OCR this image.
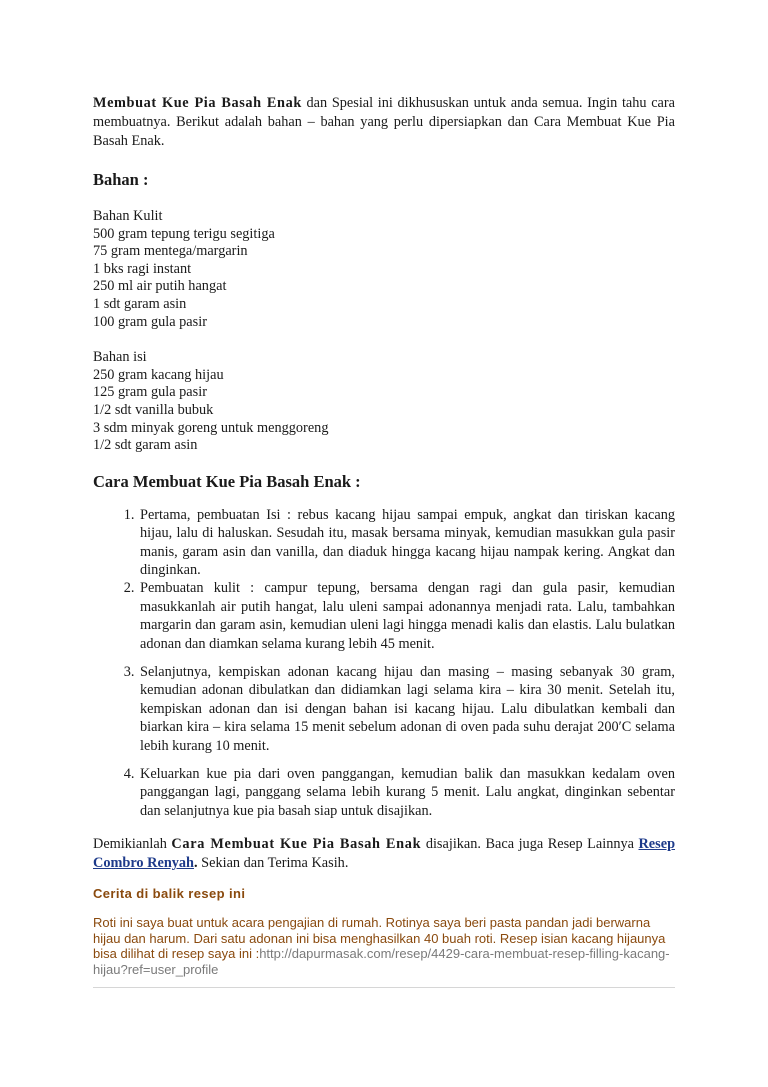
Membuat Kue Pia Basah Enak dan Spesial ini dikhususkan untuk anda semua. Ingin tahu cara membuatnya. Berikut adalah bahan – bahan yang perlu dipersiapkan dan Cara Membuat Kue Pia Basah Enak.

Bahan :
Bahan Kulit
500 gram tepung terigu segitiga
75 gram mentega/margarin
1 bks ragi instant
250 ml air putih hangat
1 sdt garam asin
100 gram gula pasir
Bahan isi
250 gram kacang hijau
125 gram gula pasir
1/2 sdt vanilla bubuk
3 sdm minyak goreng untuk menggoreng
1/2 sdt garam asin
Cara Membuat Kue Pia Basah Enak :
1. Pertama, pembuatan Isi : rebus kacang hijau sampai empuk, angkat dan tiriskan kacang hijau, lalu di haluskan. Sesudah itu, masak bersama minyak, kemudian masukkan gula pasir manis, garam asin dan vanilla, dan diaduk hingga kacang hijau nampak kering. Angkat dan dinginkan.
2. Pembuatan kulit : campur tepung, bersama dengan ragi dan gula pasir, kemudian masukkanlah air putih hangat, lalu uleni sampai adonannya menjadi rata. Lalu, tambahkan margarin dan garam asin, kemudian uleni lagi hingga menadi kalis dan elastis. Lalu bulatkan adonan dan diamkan selama kurang lebih 45 menit.
3. Selanjutnya, kempiskan adonan kacang hijau dan masing – masing sebanyak 30 gram, kemudian adonan dibulatkan dan didiamkan lagi selama kira – kira 30 menit. Setelah itu, kempiskan adonan dan isi dengan bahan isi kacang hijau. Lalu dibulatkan kembali dan biarkan kira – kira selama 15 menit sebelum adonan di oven pada suhu derajat 200′C selama lebih kurang 10 menit.
4. Keluarkan kue pia dari oven panggangan, kemudian balik dan masukkan kedalam oven panggangan lagi, panggang selama lebih kurang 5 menit. Lalu angkat, dinginkan sebentar dan selanjutnya kue pia basah siap untuk disajikan.

Demikianlah Cara Membuat Kue Pia Basah Enak disajikan. Baca juga Resep Lainnya Resep Combro Renyah. Sekian dan Terima Kasih.

Cerita di balik resep ini

Roti ini saya buat untuk acara pengajian di rumah. Rotinya saya beri pasta pandan jadi berwarna hijau dan harum. Dari satu adonan ini bisa menghasilkan 40 buah roti. Resep isian kacang hijaunya bisa dilihat di resep saya ini :http://dapurmasak.com/resep/4429-cara-membuat-resep-filling-kacang-hijau?ref=user_profile
